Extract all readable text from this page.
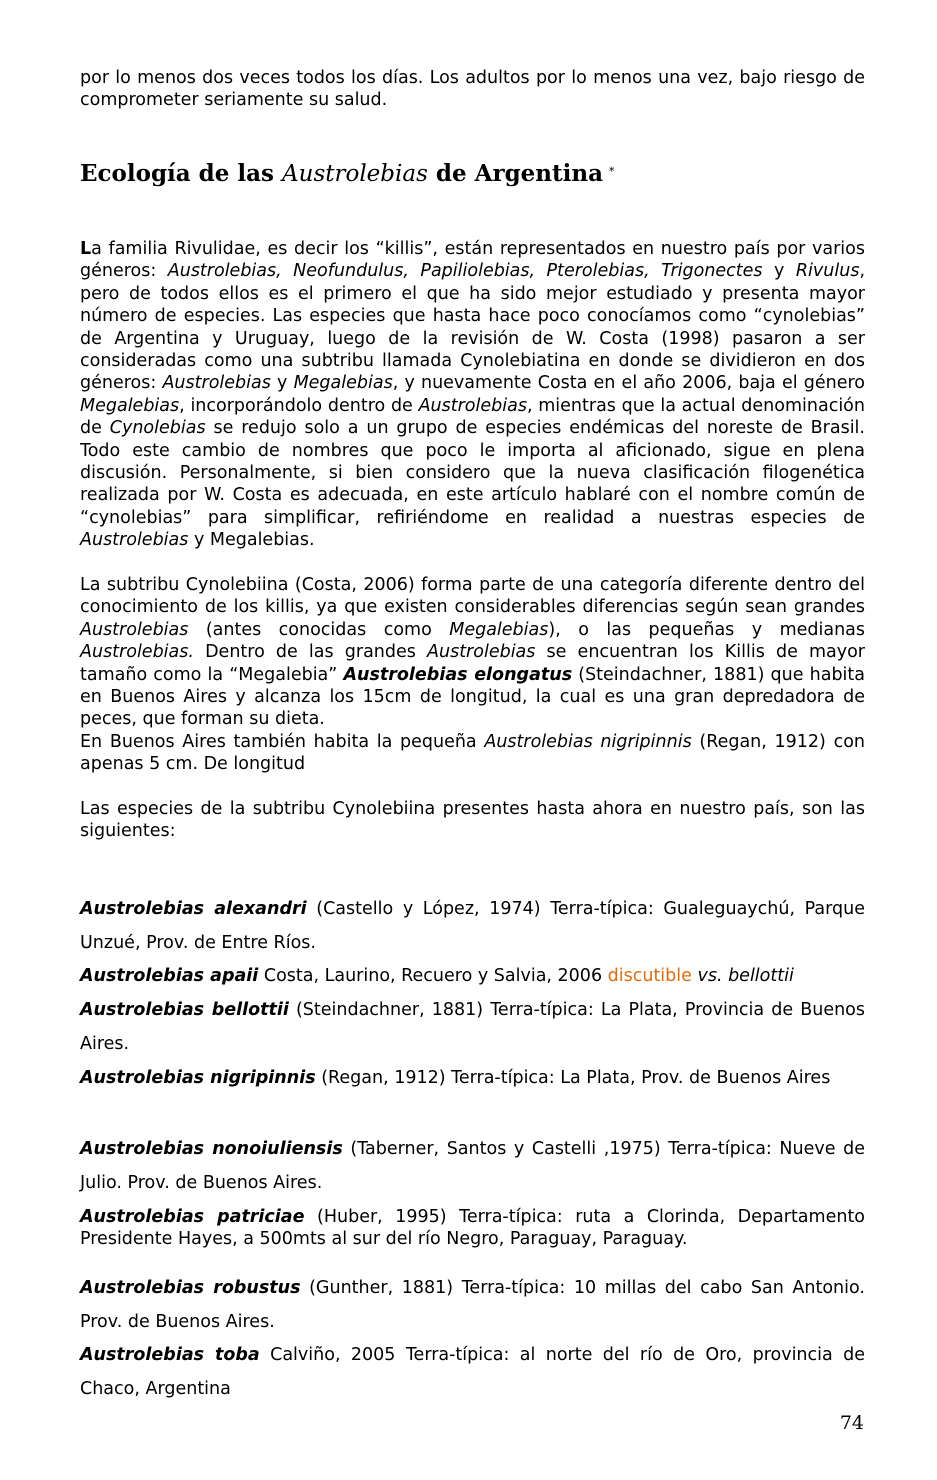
por lo menos dos veces todos los días. Los adultos por lo menos una vez, bajo riesgo de comprometer seriamente su salud.

Ecología de las Austrolebias de Argentina *

La familia Rivulidae, es decir los “killis”, están representados en nuestro país por varios géneros: Austrolebias, Neofundulus, Papiliolebias, Pterolebias, Trigonectes y Rivulus, pero de todos ellos es el primero el que ha sido mejor estudiado y presenta mayor número de especies. Las especies que hasta hace poco conocíamos como “cynolebias” de Argentina y Uruguay, luego de la revisión de W. Costa (1998) pasaron a ser consideradas como una subtribu llamada Cynolebiatina en donde se dividieron en dos géneros: Austrolebias y Megalebias, y nuevamente Costa en el año 2006, baja el género Megalebias, incorporándolo dentro de Austrolebias, mientras que la actual denominación de Cynolebias se redujo solo a un grupo de especies endémicas del noreste de Brasil. Todo este cambio de nombres que poco le importa al aficionado, sigue en plena discusión. Personalmente, si bien considero que la nueva clasificación filogenética realizada por W. Costa es adecuada, en este artículo hablaré con el nombre común de “cynolebias” para simplificar, refiriéndome en realidad a nuestras especies de Austrolebias y Megalebias.

La subtribu Cynolebiina (Costa, 2006) forma parte de una categoría diferente dentro del conocimiento de los killis, ya que existen considerables diferencias según sean grandes Austrolebias (antes conocidas como Megalebias), o las pequeñas y medianas Austrolebias. Dentro de las grandes Austrolebias se encuentran los Killis de mayor tamaño como la “Megalebia” Austrolebias elongatus (Steindachner, 1881) que habita en Buenos Aires y alcanza los 15cm de longitud, la cual es una gran depredadora de peces, que forman su dieta.
En Buenos Aires también habita la pequeña Austrolebias nigripinnis (Regan, 1912) con apenas 5 cm. De longitud

Las especies de la subtribu Cynolebiina presentes hasta ahora en nuestro país, son las siguientes:

Austrolebias alexandri (Castello y López, 1974) Terra-típica: Gualeguaychú, Parque Unzué, Prov. de Entre Ríos.

Austrolebias apaii Costa, Laurino, Recuero y Salvia, 2006 discutible vs. bellottii

Austrolebias bellottii (Steindachner, 1881) Terra-típica: La Plata, Provincia de Buenos Aires.

Austrolebias nigripinnis (Regan, 1912) Terra-típica: La Plata, Prov. de Buenos Aires

Austrolebias nonoiuliensis (Taberner, Santos y Castelli ,1975) Terra-típica: Nueve de Julio. Prov. de Buenos Aires.

Austrolebias patriciae (Huber, 1995) Terra-típica: ruta a Clorinda, Departamento Presidente Hayes, a 500mts al sur del río Negro, Paraguay, Paraguay.

Austrolebias robustus (Gunther, 1881) Terra-típica: 10 millas del cabo San Antonio. Prov. de Buenos Aires.

Austrolebias toba Calviño, 2005 Terra-típica: al norte del río de Oro, provincia de Chaco, Argentina

74
